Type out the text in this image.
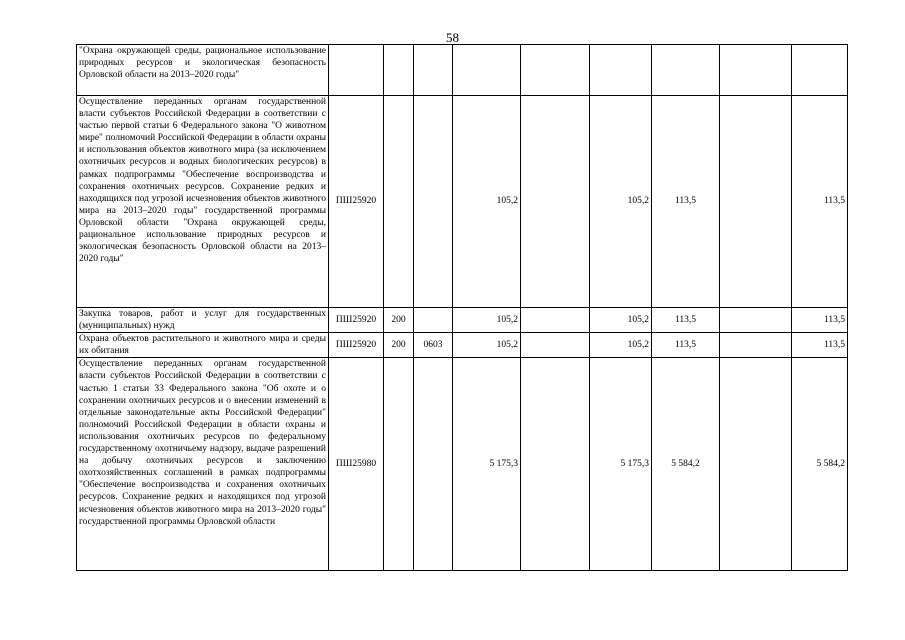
58
"Охрана окружающей среды, рациональное использование природных ресурсов и экологическая безопасность Орловской области на 2013–2020 годы"									
Осуществление переданных органам государственной власти субъектов Российской Федерации в соответствии с частью первой статьи 6 Федерального закона "О животном мире" полномочий Российской Федерации в области охраны и использования объектов животного мира (за исключением охотничьих ресурсов и водных биологических ресурсов) в рамках подпрограммы "Обеспечение воспроизводства и сохранения охотничьих ресурсов. Сохранение редких и находящихся под угрозой исчезновения объектов животного мира на 2013–2020 годы" государственной программы Орловской области "Охрана окружающей среды, рациональное использование природных ресурсов и экологическая безопасность Орловской области на 2013–2020 годы"	ПШ25920			105,2		105,2	113,5		113,5
Закупка товаров, работ и услуг для государственных (муниципальных) нужд	ПШ25920	200		105,2		105,2	113,5		113,5
Охрана объектов растительного и животного мира и среды их обитания	ПШ25920	200	0603	105,2		105,2	113,5		113,5
Осуществление переданных органам государственной власти субъектов Российской Федерации в соответствии с частью 1 статьи 33 Федерального закона "Об охоте и о сохранении охотничьих ресурсов и о внесении изменений в отдельные законодательные акты Российской Федерации" полномочий Российской Федерации в области охраны и использования охотничьих ресурсов по федеральному государственному охотничьему надзору, выдаче разрешений на добычу охотничьих ресурсов и заключению охотхозяйственных соглашений в рамках подпрограммы "Обеспечение воспроизводства и сохранения охотничьих ресурсов. Сохранение редких и находящихся под угрозой исчезновения объектов животного мира на 2013–2020 годы" государственной программы Орловской области	ПШ25980			5 175,3		5 175,3	5 584,2		5 584,2
